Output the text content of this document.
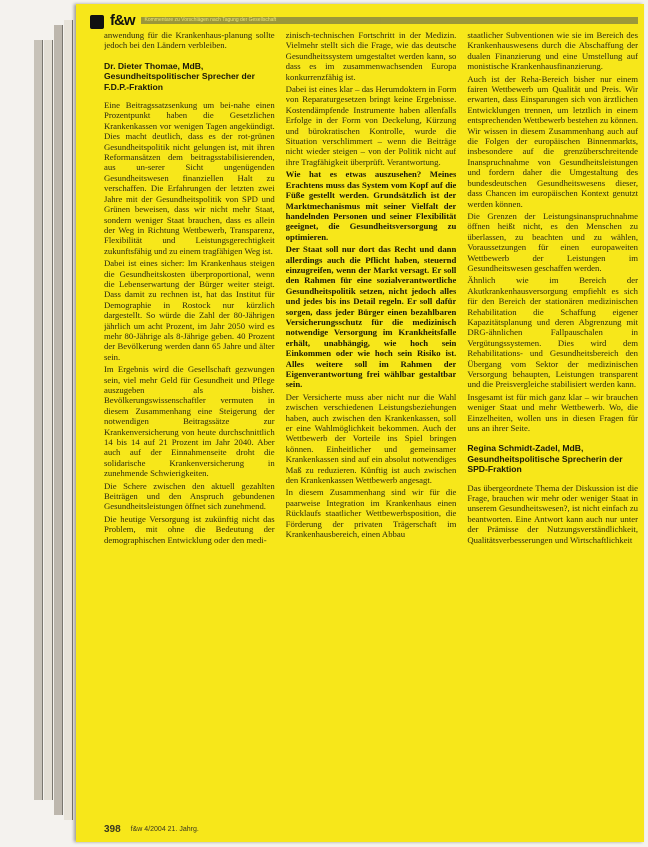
f&w	Kommentare zu Vorschlägen nach Tagung der Gesellschaft

anwendung für die Krankenhaus-planung sollte jedoch bei den Ländern verbleiben.

Dr. Dieter Thomae, MdB, Gesundheitspolitischer Sprecher der F.D.P.-Fraktion

Eine Beitragssatzsenkung um bei-nahe einen Prozentpunkt haben die Gesetzlichen Krankenkassen vor wenigen Tagen angekündigt. Dies macht deutlich, dass es der rot-grünen Gesundheitspolitik nicht gelungen ist, mit ihren Reformansätzen dem beitragsstabilisierenden, aus un-serer Sicht ungenügenden Gesundheitswesen finanziellen Halt zu verschaffen. Die Erfahrungen der letzten zwei Jahre mit der Gesundheitspolitik von SPD und Grünen beweisen, dass wir nicht mehr Staat, sondern weniger Staat brauchen, dass es allein der Weg in Richtung Wettbewerb, Transparenz, Flexibilität und Leistungsgerechtigkeit zukunftsfähig und zu einem tragfähigen Weg ist.

Dabei ist eines sicher: Im Krankenhaus steigen die Gesundheitskosten überproportional, wenn die Lebenserwartung der Bürger weiter steigt. Dass damit zu rechnen ist, hat das Institut für Demographie in Rostock nur kürzlich dargestellt. So würde die Zahl der 80-Jährigen jährlich um acht Prozent, im Jahr 2050 wird es mehr 80-Jährige als 8-Jährige geben. 40 Prozent der Bevölkerung werden dann 65 Jahre und älter sein.

Im Ergebnis wird die Gesellschaft gezwungen sein, viel mehr Geld für Gesundheit und Pflege auszugeben als bisher. Bevölkerungswissenschaftler vermuten in diesem Zusammenhang eine Steigerung der notwendigen Beitragssätze zur Krankenversicherung von heute durchschnittlich 14 bis 14 auf 21 Prozent im Jahr 2040. Aber auch auf der Einnahmenseite droht die solidarische Krankenversicherung in zunehmende Schwierigkeiten.

Die Schere zwischen den aktuell gezahlten Beiträgen und den Anspruch gebundenen Gesundheitsleistungen öffnet sich zunehmend.

Die heutige Versorgung ist zukünftig nicht das Problem, mit ohne die Bedeutung der demographischen Entwicklung oder den medi-

zinisch-technischen Fortschritt in der Medizin. Vielmehr stellt sich die Frage, wie das deutsche Gesundheitssystem umgestaltet werden kann, so dass es im zusammenwachsenden Europa konkurrenzfähig ist.

Dabei ist eines klar – das Herumdoktern in Form von Reparaturgesetzen bringt keine Ergebnisse. Kostendämpfende Instrumente haben allenfalls Erfolge in der Form von Deckelung, Kürzung und bürokratischen Kontrolle, wurde die Situation verschlimmert – wenn die Beiträge nicht wieder steigen – von der Politik nicht auf ihre Tragfähigkeit überprüft. Verantwortung.

Wie hat es etwas auszusehen? Meines Erachtens muss das System vom Kopf auf die Füße gestellt werden. Grundsätzlich ist der Marktmechanismus mit seiner Vielfalt der handelnden Personen und seiner Flexibilität geeignet, die Gesundheitsversorgung zu optimieren.

Der Staat soll nur dort das Recht und dann allerdings auch die Pflicht haben, steuernd einzugreifen, wenn der Markt versagt. Er soll den Rahmen für eine sozialverantwortliche Gesundheitspolitik setzen, nicht jedoch alles und jedes bis ins Detail regeln. Er soll dafür sorgen, dass jeder Bürger einen bezahlbaren Versicherungsschutz für die medizinisch notwendige Versorgung im Krankheitsfalle erhält, unabhängig, wie hoch sein Einkommen oder wie hoch sein Risiko ist. Alles weitere soll im Rahmen der Eigenverantwortung frei wählbar gestaltbar sein.

Der Versicherte muss aber nicht nur die Wahl zwischen verschiedenen Leistungsbeziehungen haben, auch zwischen den Krankenkassen, soll er eine Wahlmöglichkeit bekommen. Auch der Wettbewerb der Vorteile ins Spiel bringen können. Einheitlicher und gemeinsamer Krankenkassen sind auf ein absolut notwendiges Maß zu reduzieren. Künftig ist auch zwischen den Krankenkassen Wettbewerb angesagt.

In diesem Zusammenhang sind wir für die paarweise Integration im Krankenhaus einen Rücklaufs staatlicher Wettbewerbsposition, die Förderung der privaten Trägerschaft im Krankenhausbereich, einen Abbau

staatlicher Subventionen wie sie im Bereich des Krankenhauswesens durch die Abschaffung der dualen Finanzierung und eine Umstellung auf monistische Krankenhausfinanzierung.

Auch ist der Reha-Bereich bisher nur einem fairen Wettbewerb um Qualität und Preis. Wir erwarten, dass Einsparungen sich von ärztlichen Entwicklungen trennen, um letztlich in einem entsprechenden Wettbewerb bestehen zu können. Wir wissen in diesem Zusammenhang auch auf die Folgen der europäischen Binnenmarkts, insbesondere auf die grenzüberschreitende Inanspruchnahme von Gesundheitsleistungen und fordern daher die Umgestaltung des bundesdeutschen Gesundheitswesens dieser, dass Chancen im europäischen Kontext genutzt werden können.

Die Grenzen der Leistungsinanspruchnahme öffnen heißt nicht, es den Menschen zu überlassen, zu beachten und zu wählen, Voraussetzungen für einen europaweiten Wettbewerb der Leistungen im Gesundheitswesen geschaffen werden.

Ähnlich wie im Bereich der Akutkrankenhausversorgung empfiehlt es sich für den Bereich der stationären medizinischen Rehabilitation die Schaffung eigener Kapazitätsplanung und deren Abgrenzung mit DRG-ähnlichen Fallpauschalen in Vergütungssystemen. Dies wird dem Rehabilitations- und Gesundheitsbereich den Übergang vom Sektor der medizinischen Versorgung behaupten, Leistungen transparent und die Preisvergleiche stabilisiert werden kann.

Insgesamt ist für mich ganz klar – wir brauchen weniger Staat und mehr Wettbewerb. Wo, die Einzelheiten, wollen uns in diesen Fragen für uns an ihrer Seite.

Regina Schmidt-Zadel, MdB, Gesundheitspolitische Sprecherin der SPD-Fraktion

Das übergeordnete Thema der Diskussion ist die Frage, brauchen wir mehr oder weniger Staat in unserem Gesundheitswesen?, ist nicht einfach zu beantworten. Eine Antwort kann auch nur unter der Prämisse der Nutzungsverständlichkeit, Qualitätsverbesserungen und Wirtschaftlichkeit

398 f&w 4/2004 21. Jahrg.
